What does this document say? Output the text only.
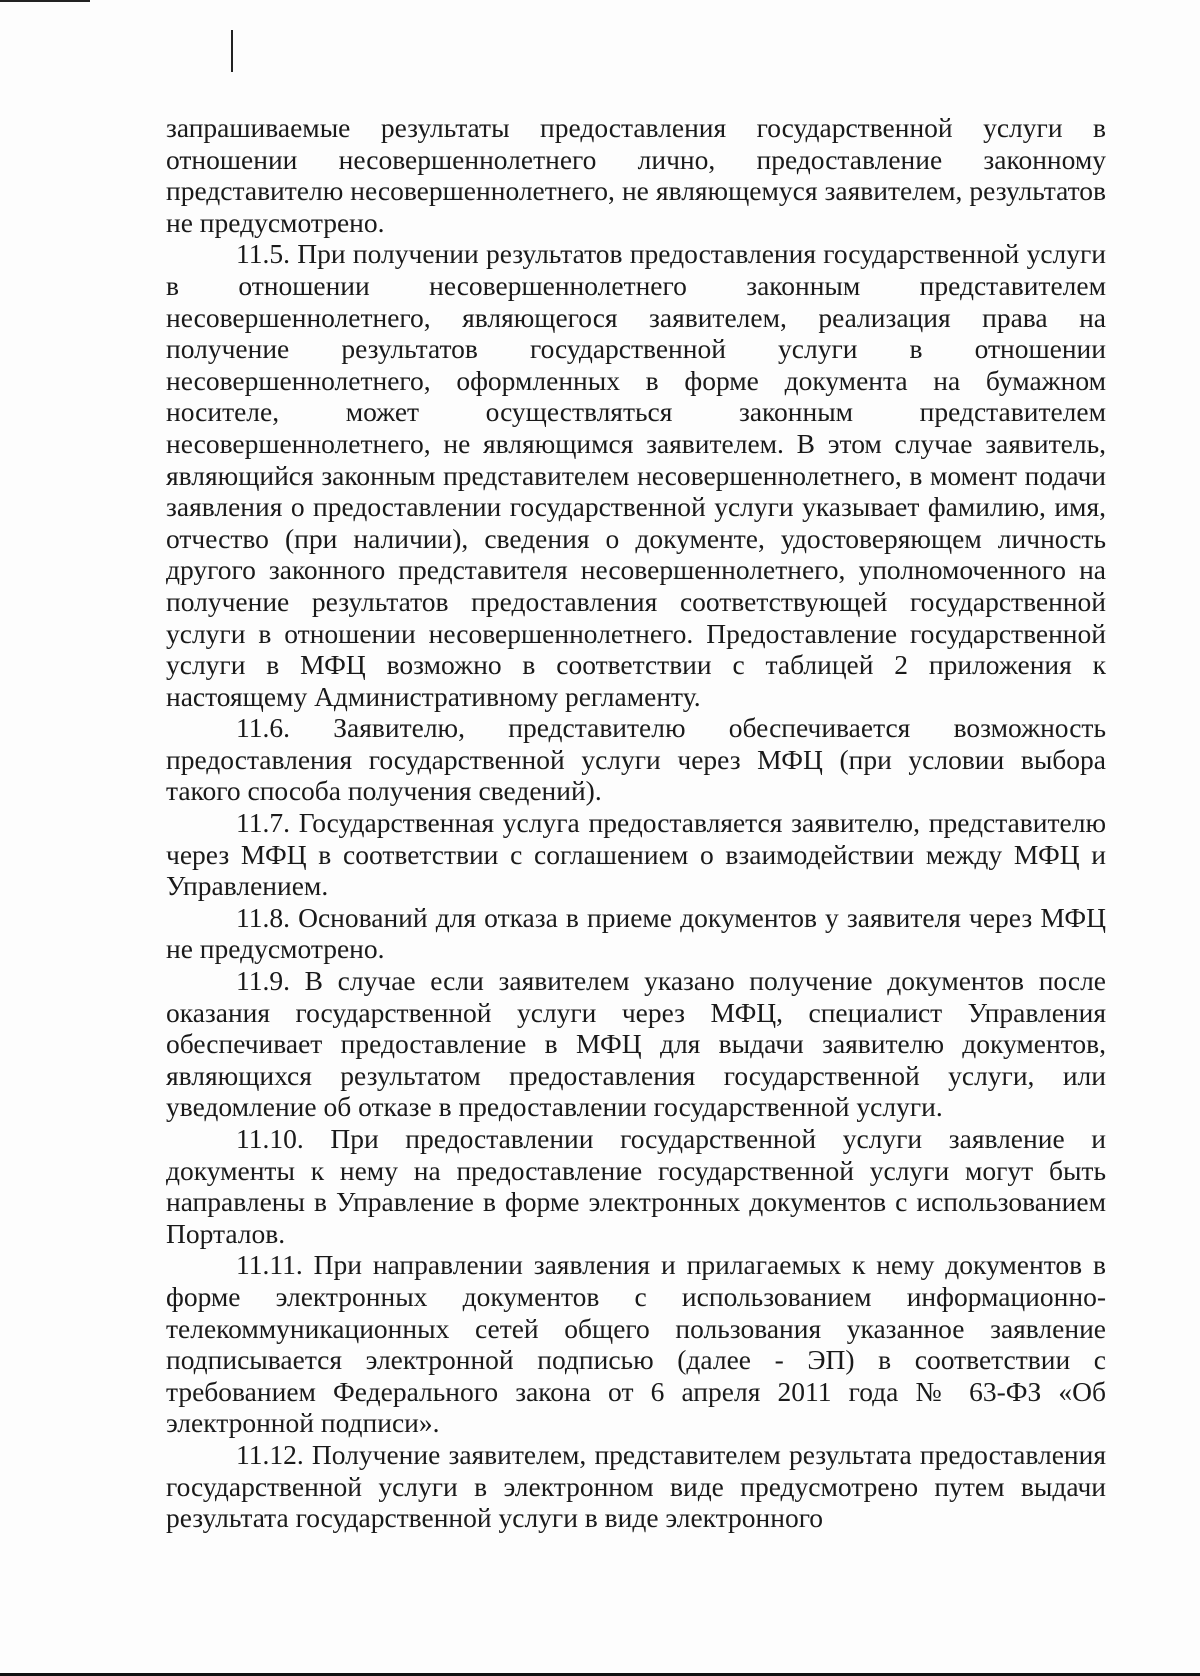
запрашиваемые результаты предоставления государственной услуги в отношении несовершеннолетнего лично, предоставление законному представителю несовершеннолетнего, не являющемуся заявителем, результатов не предусмотрено.

11.5. При получении результатов предоставления государственной услуги в отношении несовершеннолетнего законным представителем несовершеннолетнего, являющегося заявителем, реализация права на получение результатов государственной услуги в отношении несовершеннолетнего, оформленных в форме документа на бумажном носителе, может осуществляться законным представителем несовершеннолетнего, не являющимся заявителем. В этом случае заявитель, являющийся законным представителем несовершеннолетнего, в момент подачи заявления о предоставлении государственной услуги указывает фамилию, имя, отчество (при наличии), сведения о документе, удостоверяющем личность другого законного представителя несовершеннолетнего, уполномоченного на получение результатов предоставления соответствующей государственной услуги в отношении несовершеннолетнего. Предоставление государственной услуги в МФЦ возможно в соответствии с таблицей 2 приложения к настоящему Административному регламенту.

11.6. Заявителю, представителю обеспечивается возможность предоставления государственной услуги через МФЦ (при условии выбора такого способа получения сведений).

11.7. Государственная услуга предоставляется заявителю, представителю через МФЦ в соответствии с соглашением о взаимодействии между МФЦ и Управлением.

11.8. Оснований для отказа в приеме документов у заявителя через МФЦ не предусмотрено.

11.9. В случае если заявителем указано получение документов после оказания государственной услуги через МФЦ, специалист Управления обеспечивает предоставление в МФЦ для выдачи заявителю документов, являющихся результатом предоставления государственной услуги, или уведомление об отказе в предоставлении государственной услуги.

11.10. При предоставлении государственной услуги заявление и документы к нему на предоставление государственной услуги могут быть направлены в Управление в форме электронных документов с использованием Порталов.

11.11. При направлении заявления и прилагаемых к нему документов в форме электронных документов с использованием информационно-телекоммуникационных сетей общего пользования указанное заявление подписывается электронной подписью (далее - ЭП) в соответствии с требованием Федерального закона от 6 апреля 2011 года № 63-ФЗ «Об электронной подписи».

11.12. Получение заявителем, представителем результата предоставления государственной услуги в электронном виде предусмотрено путем выдачи результата государственной услуги в виде электронного
